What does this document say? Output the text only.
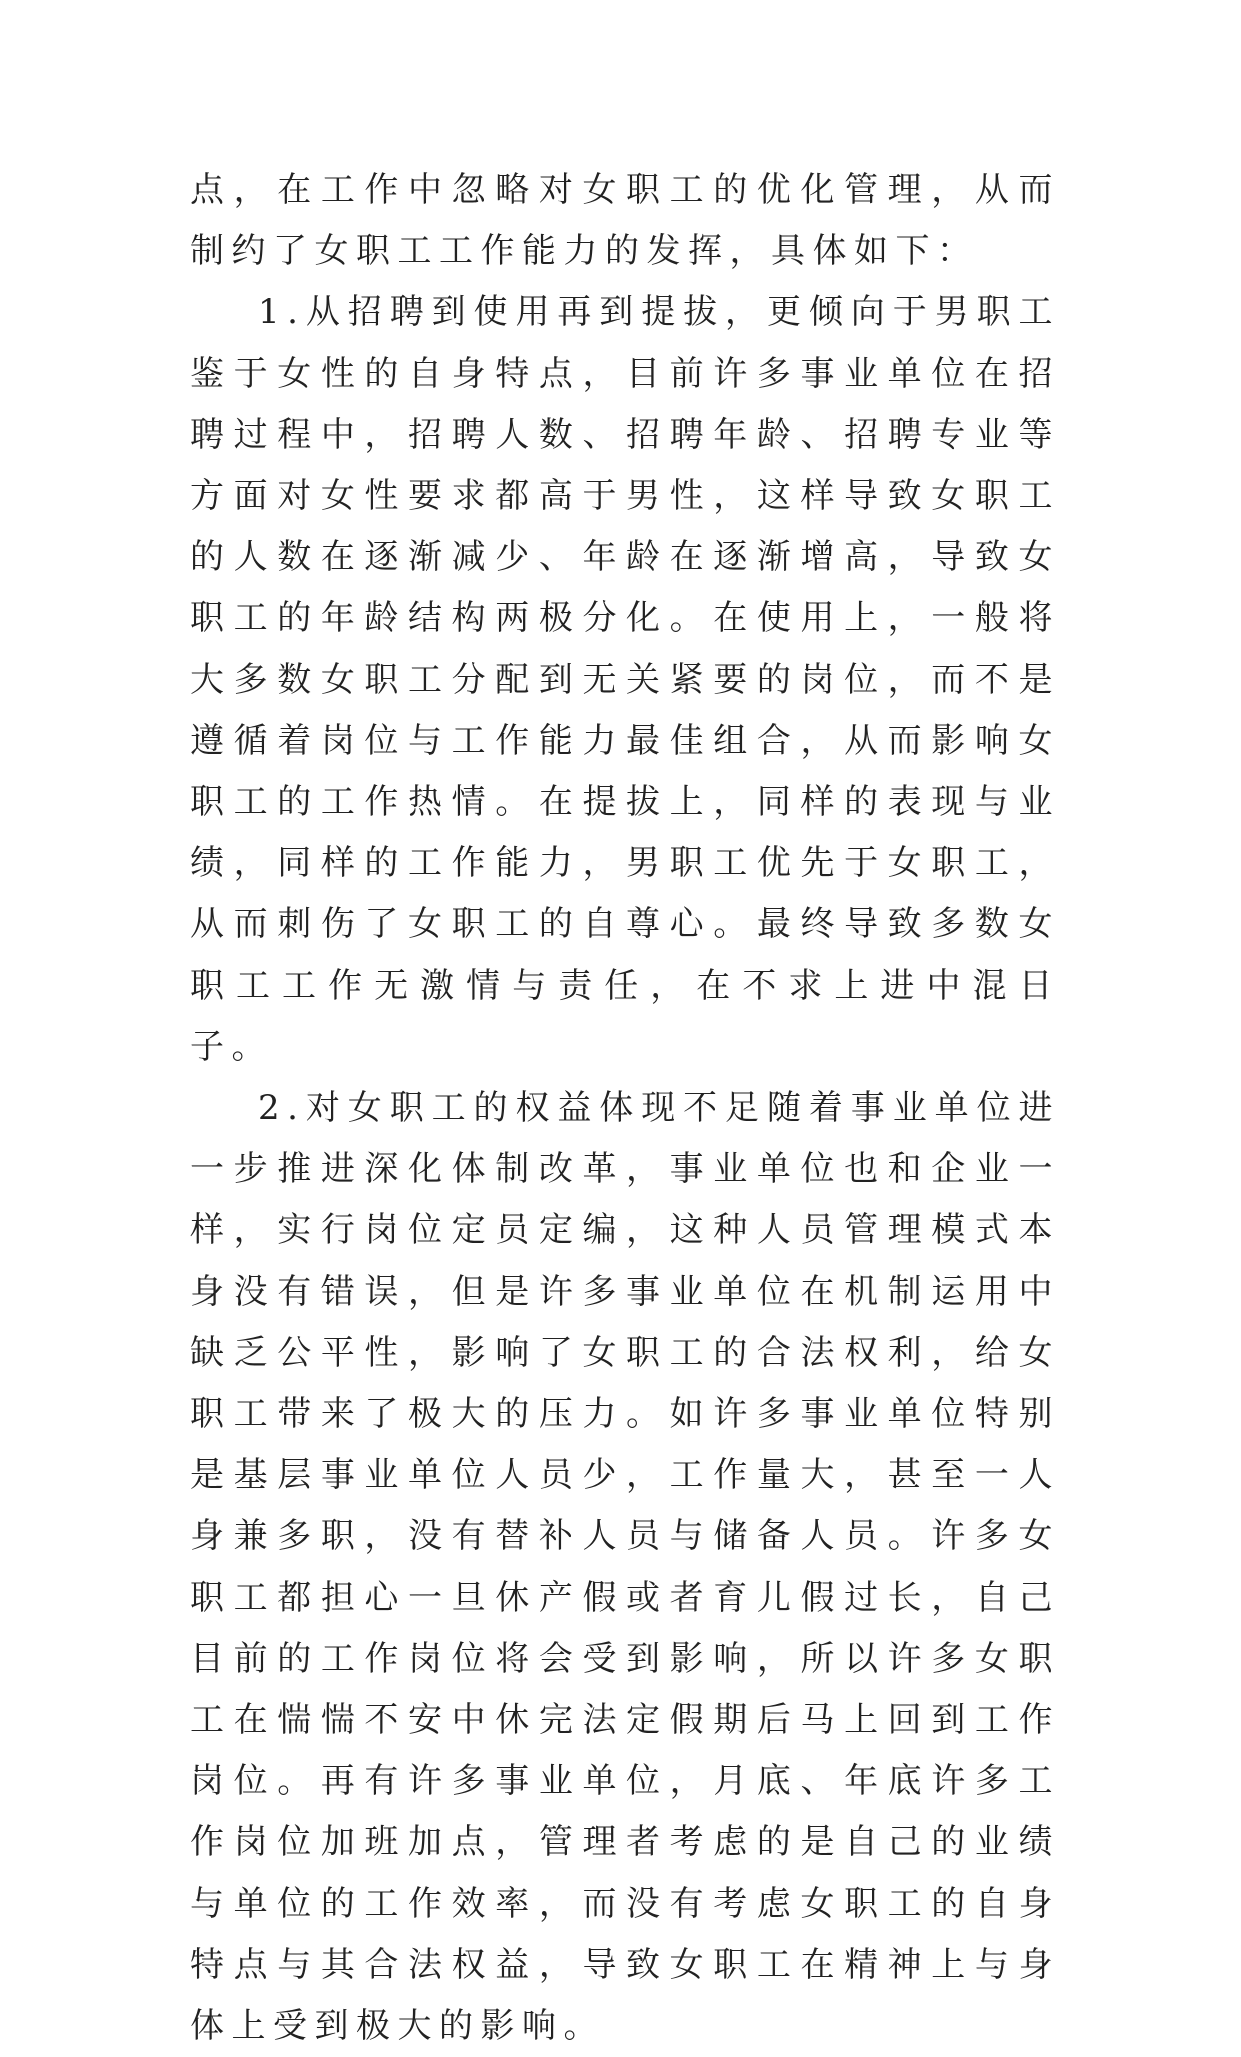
点，在工作中忽略对女职工的优化管理，从而制约了女职工工作能力的发挥，具体如下：

1.从招聘到使用再到提拔，更倾向于男职工鉴于女性的自身特点，目前许多事业单位在招聘过程中，招聘人数、招聘年龄、招聘专业等方面对女性要求都高于男性，这样导致女职工的人数在逐渐减少、年龄在逐渐增高，导致女职工的年龄结构两极分化。在使用上，一般将大多数女职工分配到无关紧要的岗位，而不是遵循着岗位与工作能力最佳组合，从而影响女职工的工作热情。在提拔上，同样的表现与业绩，同样的工作能力，男职工优先于女职工，从而刺伤了女职工的自尊心。最终导致多数女职工工作无激情与责任，在不求上进中混日子。

2.对女职工的权益体现不足随着事业单位进一步推进深化体制改革，事业单位也和企业一样，实行岗位定员定编，这种人员管理模式本身没有错误，但是许多事业单位在机制运用中缺乏公平性，影响了女职工的合法权利，给女职工带来了极大的压力。如许多事业单位特别是基层事业单位人员少，工作量大，甚至一人身兼多职，没有替补人员与储备人员。许多女职工都担心一旦休产假或者育儿假过长，自己目前的工作岗位将会受到影响，所以许多女职工在惴惴不安中休完法定假期后马上回到工作岗位。再有许多事业单位，月底、年底许多工作岗位加班加点，管理者考虑的是自己的业绩与单位的工作效率，而没有考虑女职工的自身特点与其合法权益，导致女职工在精神上与身体上受到极大的影响。
